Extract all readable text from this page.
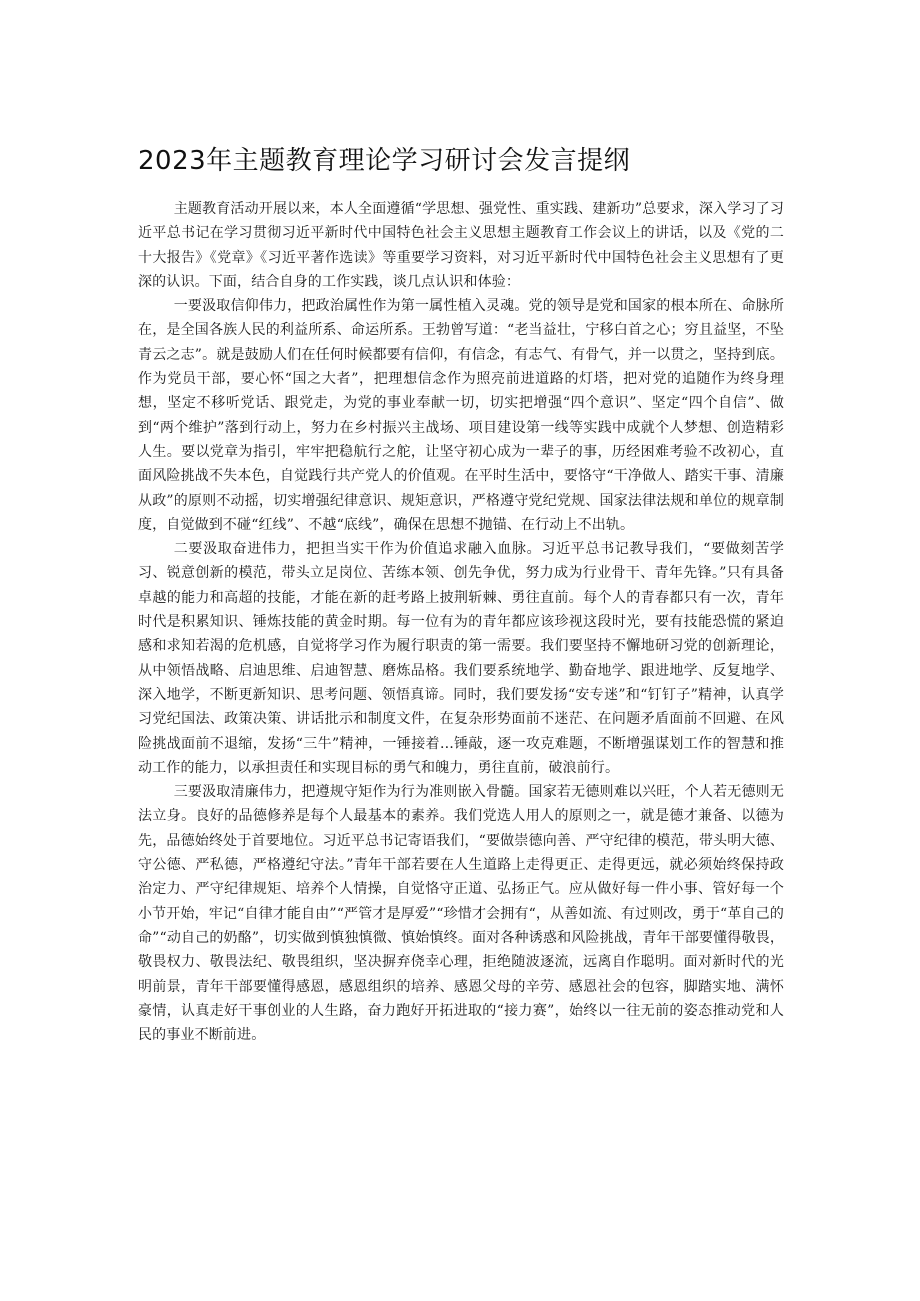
2023年主题教育理论学习研讨会发言提纲

主题教育活动开展以来，本人全面遵循“学思想、强党性、重实践、建新功”总要求，深入学习了习近平总书记在学习贯彻习近平新时代中国特色社会主义思想主题教育工作会议上的讲话，以及《党的二十大报告》《党章》《习近平著作选读》等重要学习资料，对习近平新时代中国特色社会主义思想有了更深的认识。下面，结合自身的工作实践，谈几点认识和体验：

一要汲取信仰伟力，把政治属性作为第一属性植入灵魂。党的领导是党和国家的根本所在、命脉所在，是全国各族人民的利益所系、命运所系。王勃曾写道：“老当益壮，宁移白首之心；穷且益坚，不坠青云之志”。就是鼓励人们在任何时候都要有信仰，有信念，有志气、有骨气，并一以贯之，坚持到底。作为党员干部，要心怀“国之大者”，把理想信念作为照亮前进道路的灯塔，把对党的追随作为终身理想，坚定不移听党话、跟党走，为党的事业奉献一切，切实把增强“四个意识”、坚定“四个自信”、做到“两个维护”落到行动上，努力在乡村振兴主战场、项目建设第一线等实践中成就个人梦想、创造精彩人生。要以党章为指引，牢牢把稳航行之舵，让坚守初心成为一辈子的事，历经困难考验不改初心，直面风险挑战不失本色，自觉践行共产党人的价值观。在平时生活中，要恪守“干净做人、踏实干事、清廉从政”的原则不动摇，切实增强纪律意识、规矩意识，严格遵守党纪党规、国家法律法规和单位的规章制度，自觉做到不碰“红线”、不越“底线”，确保在思想不抛锚、在行动上不出轨。

二要汲取奋进伟力，把担当实干作为价值追求融入血脉。习近平总书记教导我们，“要做刻苦学习、锐意创新的模范，带头立足岗位、苦练本领、创先争优，努力成为行业骨干、青年先锋。”只有具备卓越的能力和高超的技能，才能在新的赶考路上披荆斩棘、勇往直前。每个人的青春都只有一次，青年时代是积累知识、锤炼技能的黄金时期。每一位有为的青年都应该珍视这段时光，要有技能恐慌的紧迫感和求知若渴的危机感，自觉将学习作为履行职责的第一需要。我们要坚持不懈地研习党的创新理论，从中领悟战略、启迪思维、启迪智慧、磨炼品格。我们要系统地学、勤奋地学、跟进地学、反复地学、深入地学，不断更新知识、思考问题、领悟真谛。同时，我们要发扬“安专迷”和“钉钉子”精神，认真学习党纪国法、政策决策、讲话批示和制度文件，在复杂形势面前不迷茫、在问题矛盾面前不回避、在风险挑战面前不退缩，发扬“三牛”精神，一锤接着…锤敲，逐一攻克难题，不断增强谋划工作的智慧和推动工作的能力，以承担责任和实现目标的勇气和魄力，勇往直前，破浪前行。

三要汲取清廉伟力，把遵规守矩作为行为准则嵌入骨髓。国家若无德则难以兴旺，个人若无德则无法立身。良好的品德修养是每个人最基本的素养。我们党选人用人的原则之一，就是德才兼备、以德为先，品德始终处于首要地位。习近平总书记寄语我们，“要做崇德向善、严守纪律的模范，带头明大德、守公德、严私德，严格遵纪守法。”青年干部若要在人生道路上走得更正、走得更远，就必须始终保持政治定力、严守纪律规矩、培养个人情操，自觉恪守正道、弘扬正气。应从做好每一件小事、管好每一个小节开始，牢记“自律才能自由”“严管才是厚爱”“珍惜才会拥有“，从善如流、有过则改，勇于“革自己的命”“动自己的奶酪”，切实做到慎独慎微、慎始慎终。面对各种诱惑和风险挑战，青年干部要懂得敬畏，敬畏权力、敬畏法纪、敬畏组织，坚决摒弃侥幸心理，拒绝随波逐流，远离自作聪明。面对新时代的光明前景，青年干部要懂得感恩，感恩组织的培养、感恩父母的辛劳、感恩社会的包容，脚踏实地、满怀豪情，认真走好干事创业的人生路，奋力跑好开拓进取的“接力赛”，始终以一往无前的姿态推动党和人民的事业不断前进。
